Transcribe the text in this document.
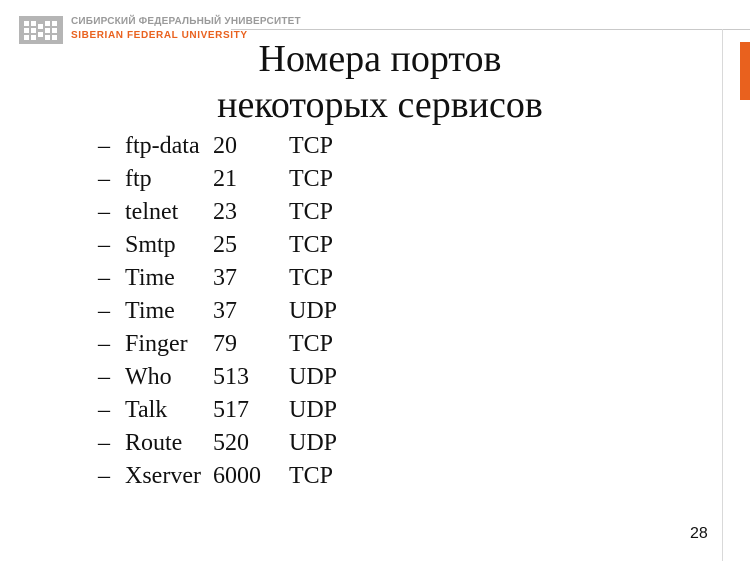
СИБИРСКИЙ ФЕДЕРАЛЬНЫЙ УНИВЕРСИТЕТ
SIBERIAN FEDERAL UNIVERSITY
Номера портов
некоторых сервисов
– ftp-data 20 TCP
– ftp	21 TCP
– telnet 23 TCP
– Smtp 25 TCP
– Time 37 TCP
– Time 37 UDP
– Finger 79 TCP
– Who 513 UDP
– Talk 517 UDP
– Route 520 UDP
– Xserver 6000 TCP
28
